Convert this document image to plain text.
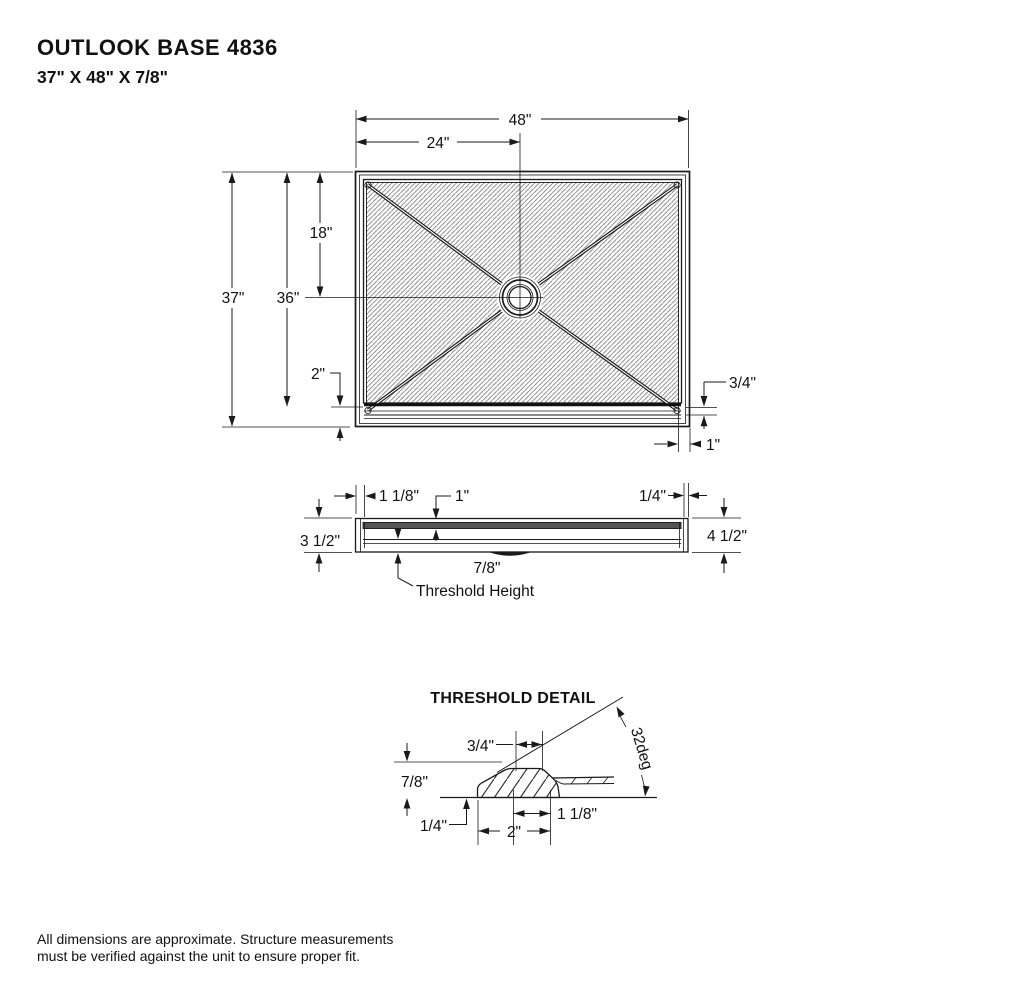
OUTLOOK BASE 4836
37" X 48" X 7/8"
48"
24"
37" 36"
18"
2"
3/4"
1"
1 1/8" 1"	1/4"
3 1/2"	4 1/2"
7/8"
Threshold Height
THRESHOLD DETAIL
32deg
3/4"
7/8"
1 1/8"
2"
1/4"
All dimensions are approximate. Structure measurements
must be verified against the unit to ensure proper fit.
